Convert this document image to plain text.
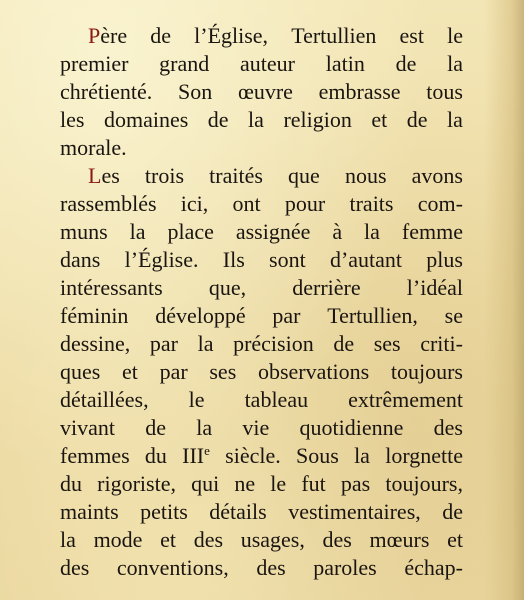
Père de l’Église, Tertullien est le
premier grand auteur latin de la
chrétienté. Son œuvre embrasse tous
les domaines de la religion et de la
morale.
Les trois traités que nous avons
rassemblés ici, ont pour traits com-
muns la place assignée à la femme
dans l’Église. Ils sont d’autant plus
intéressants que, derrière l’idéal
féminin développé par Tertullien, se
dessine, par la précision de ses criti-
ques et par ses observations toujours
détaillées, le tableau extrêmement
vivant de la vie quotidienne des
femmes du IIIe siècle. Sous la lorgnette
du rigoriste, qui ne le fut pas toujours,
maints petits détails vestimentaires, de
la mode et des usages, des mœurs et
des conventions, des paroles échap-
